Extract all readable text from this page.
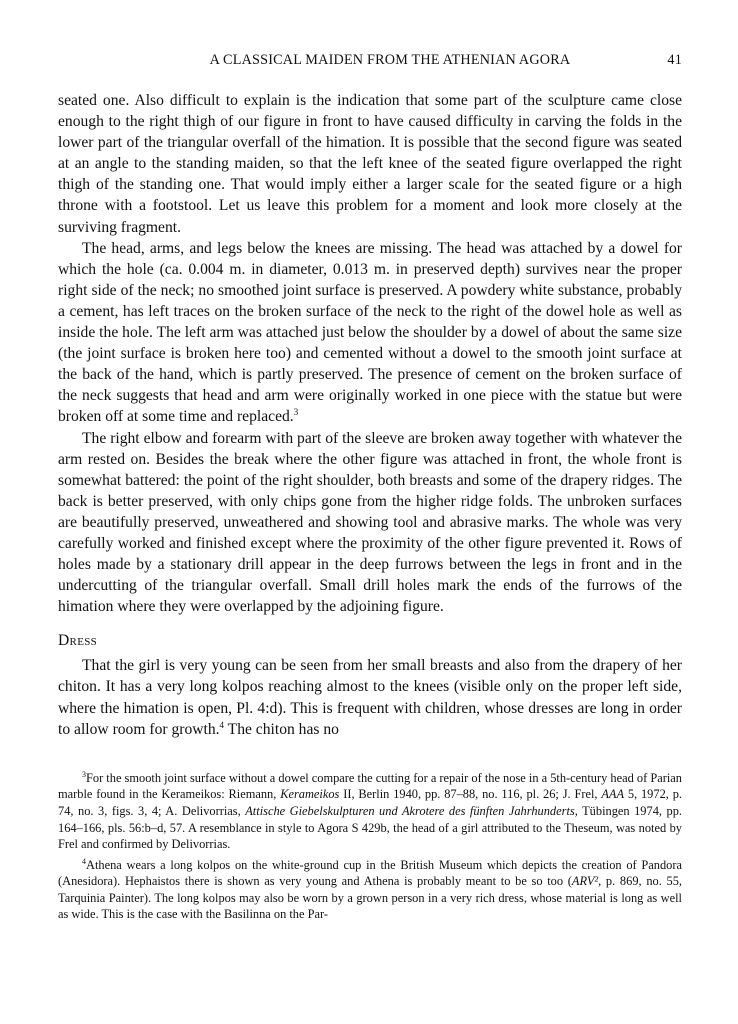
A CLASSICAL MAIDEN FROM THE ATHENIAN AGORA	41

seated one. Also difficult to explain is the indication that some part of the sculpture came close enough to the right thigh of our figure in front to have caused difficulty in carving the folds in the lower part of the triangular overfall of the himation. It is possible that the second figure was seated at an angle to the standing maiden, so that the left knee of the seated figure overlapped the right thigh of the standing one. That would imply either a larger scale for the seated figure or a high throne with a footstool. Let us leave this problem for a moment and look more closely at the surviving fragment.

The head, arms, and legs below the knees are missing. The head was attached by a dowel for which the hole (ca. 0.004 m. in diameter, 0.013 m. in preserved depth) survives near the proper right side of the neck; no smoothed joint surface is preserved. A powdery white substance, probably a cement, has left traces on the broken surface of the neck to the right of the dowel hole as well as inside the hole. The left arm was attached just below the shoulder by a dowel of about the same size (the joint surface is broken here too) and cemented without a dowel to the smooth joint surface at the back of the hand, which is partly preserved. The presence of cement on the broken surface of the neck suggests that head and arm were originally worked in one piece with the statue but were broken off at some time and replaced.$^3$

The right elbow and forearm with part of the sleeve are broken away together with whatever the arm rested on. Besides the break where the other figure was attached in front, the whole front is somewhat battered: the point of the right shoulder, both breasts and some of the drapery ridges. The back is better preserved, with only chips gone from the higher ridge folds. The unbroken surfaces are beautifully preserved, unweathered and showing tool and abrasive marks. The whole was very carefully worked and finished except where the proximity of the other figure prevented it. Rows of holes made by a stationary drill appear in the deep furrows between the legs in front and in the undercutting of the triangular overfall. Small drill holes mark the ends of the furrows of the himation where they were overlapped by the adjoining figure.

Dress

That the girl is very young can be seen from her small breasts and also from the drapery of her chiton. It has a very long kolpos reaching almost to the knees (visible only on the proper left side, where the himation is open, Pl. 4:d). This is frequent with children, whose dresses are long in order to allow room for growth.$^4$ The chiton has no

$^3$For the smooth joint surface without a dowel compare the cutting for a repair of the nose in a 5th-century head of Parian marble found in the Kerameikos: Riemann, Kerameikos II, Berlin 1940, pp. 87–88, no. 116, pl. 26; J. Frel, AAA 5, 1972, p. 74, no. 3, figs. 3, 4; A. Delivorrias, Attische Giebelskulpturen und Akrotere des fünften Jahrhunderts, Tübingen 1974, pp. 164–166, pls. 56:b–d, 57. A resemblance in style to Agora S 429b, the head of a girl attributed to the Theseum, was noted by Frel and confirmed by Delivorrias.

$^4$Athena wears a long kolpos on the white-ground cup in the British Museum which depicts the creation of Pandora (Anesidora). Hephaistos there is shown as very young and Athena is probably meant to be so too (ARV², p. 869, no. 55, Tarquinia Painter). The long kolpos may also be worn by a grown person in a very rich dress, whose material is long as well as wide. This is the case with the Basilinna on the Par-
